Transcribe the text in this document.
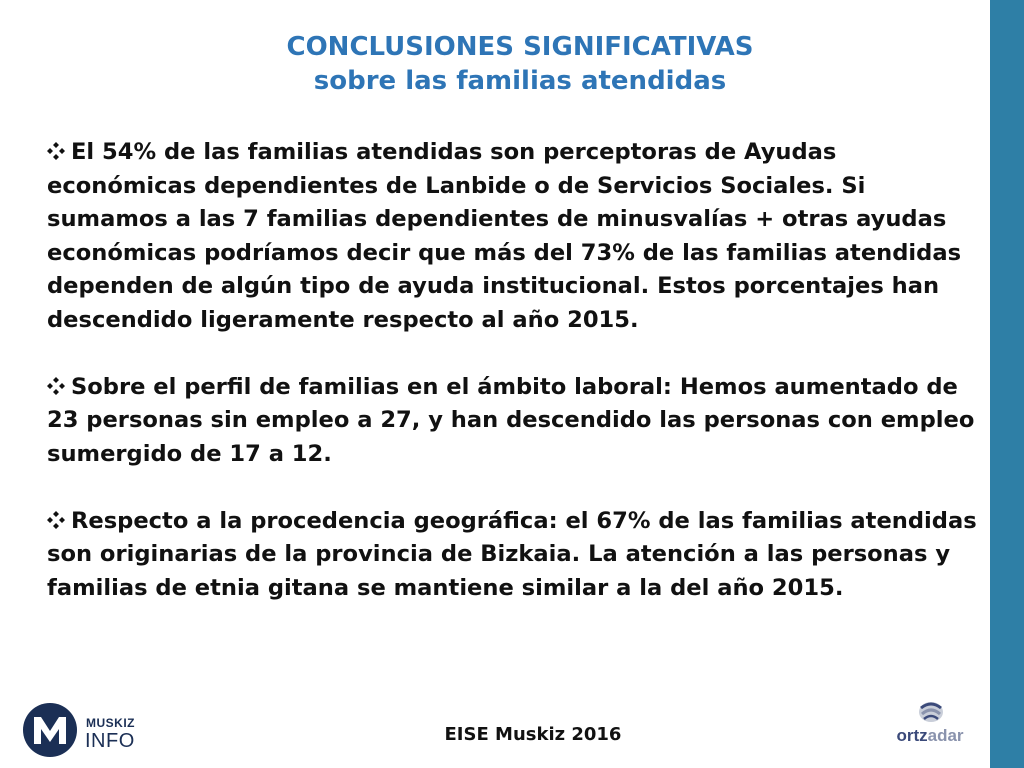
CONCLUSIONES SIGNIFICATIVAS
sobre las familias atendidas

El 54% de las familias atendidas son perceptoras de Ayudas económicas dependientes de Lanbide o de Servicios Sociales. Si sumamos a las 7 familias dependientes de minusvalías + otras ayudas económicas podríamos decir que más del 73% de las familias atendidas dependen de algún tipo de ayuda institucional. Estos porcentajes han descendido ligeramente respecto al año 2015.

Sobre el perfil de familias en el ámbito laboral: Hemos aumentado de 23 personas sin empleo a 27, y han descendido las personas con empleo sumergido de 17 a 12.

Respecto a la procedencia geográfica: el 67% de las familias atendidas son originarias de la provincia de Bizkaia. La atención a las personas y familias de etnia gitana se mantiene similar a la del año 2015.

MUSKIZ
INFO	EISE Muskiz 2016	ortzadar
